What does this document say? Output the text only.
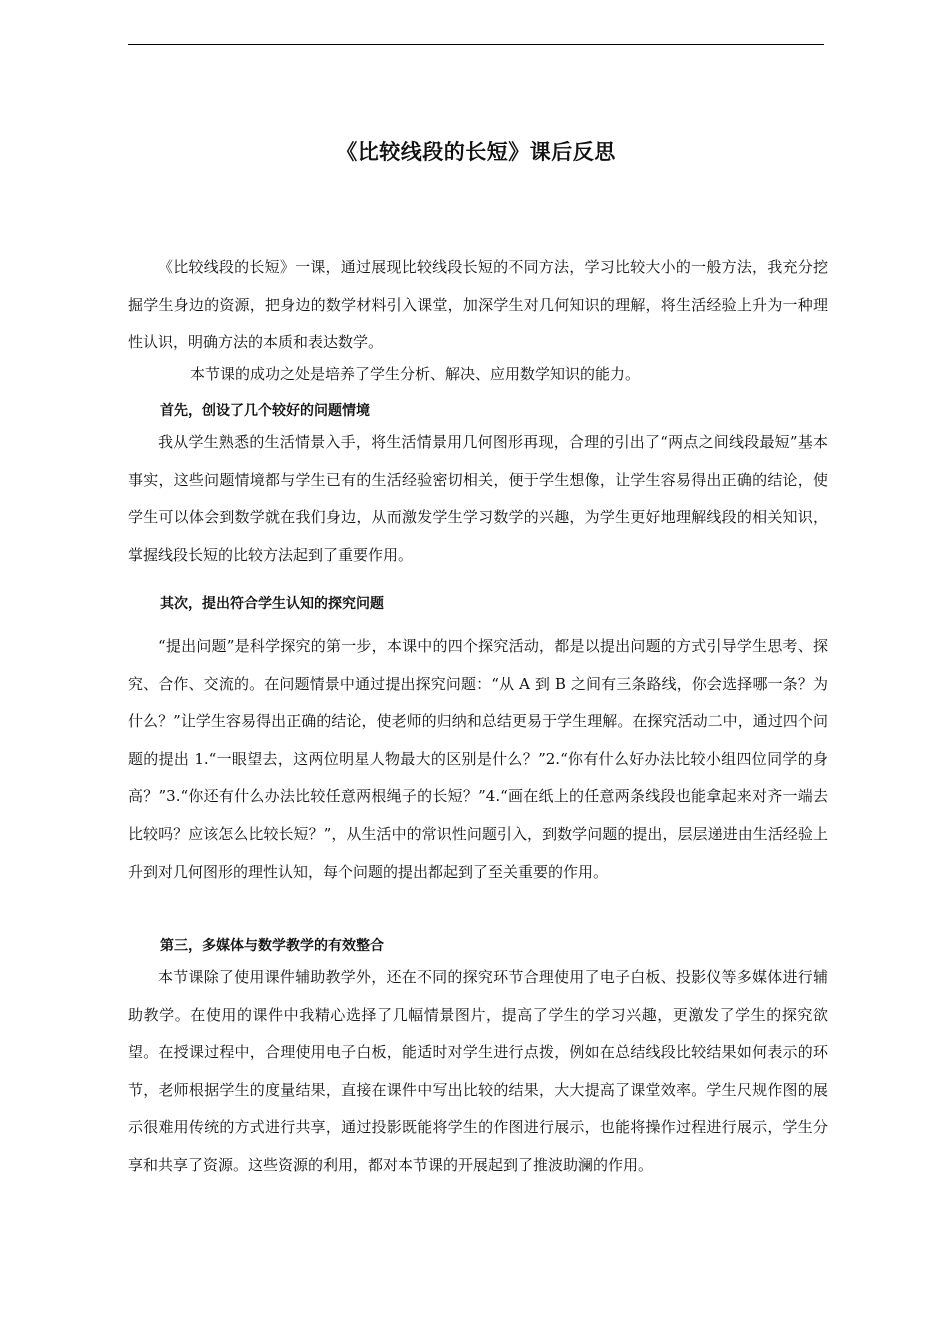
《比较线段的长短》课后反思

《比较线段的长短》一课，通过展现比较线段长短的不同方法，学习比较大小的一般方法，我充分挖掘学生身边的资源，把身边的数学材料引入课堂，加深学生对几何知识的理解，将生活经验上升为一种理性认识，明确方法的本质和表达数学。

本节课的成功之处是培养了学生分析、解决、应用数学知识的能力。

首先，创设了几个较好的问题情境

我从学生熟悉的生活情景入手，将生活情景用几何图形再现，合理的引出了“两点之间线段最短”基本事实，这些问题情境都与学生已有的生活经验密切相关，便于学生想像，让学生容易得出正确的结论，使学生可以体会到数学就在我们身边，从而激发学生学习数学的兴趣，为学生更好地理解线段的相关知识，掌握线段长短的比较方法起到了重要作用。

其次，提出符合学生认知的探究问题

“提出问题”是科学探究的第一步，本课中的四个探究活动，都是以提出问题的方式引导学生思考、探究、合作、交流的。在问题情景中通过提出探究问题：“从 A 到 B 之间有三条路线，你会选择哪一条？为什么？”让学生容易得出正确的结论，使老师的归纳和总结更易于学生理解。在探究活动二中，通过四个问题的提出 1.“一眼望去，这两位明星人物最大的区别是什么？”2.“你有什么好办法比较小组四位同学的身高？”3.“你还有什么办法比较任意两根绳子的长短？”4.“画在纸上的任意两条线段也能拿起来对齐一端去比较吗？应该怎么比较长短？”，从生活中的常识性问题引入，到数学问题的提出，层层递进由生活经验上升到对几何图形的理性认知，每个问题的提出都起到了至关重要的作用。

第三，多媒体与数学教学的有效整合

本节课除了使用课件辅助教学外，还在不同的探究环节合理使用了电子白板、投影仪等多媒体进行辅助教学。在使用的课件中我精心选择了几幅情景图片，提高了学生的学习兴趣，更激发了学生的探究欲望。在授课过程中，合理使用电子白板，能适时对学生进行点拨，例如在总结线段比较结果如何表示的环节，老师根据学生的度量结果，直接在课件中写出比较的结果，大大提高了课堂效率。学生尺规作图的展示很难用传统的方式进行共享，通过投影既能将学生的作图进行展示，也能将操作过程进行展示，学生分享和共享了资源。这些资源的利用，都对本节课的开展起到了推波助澜的作用。
